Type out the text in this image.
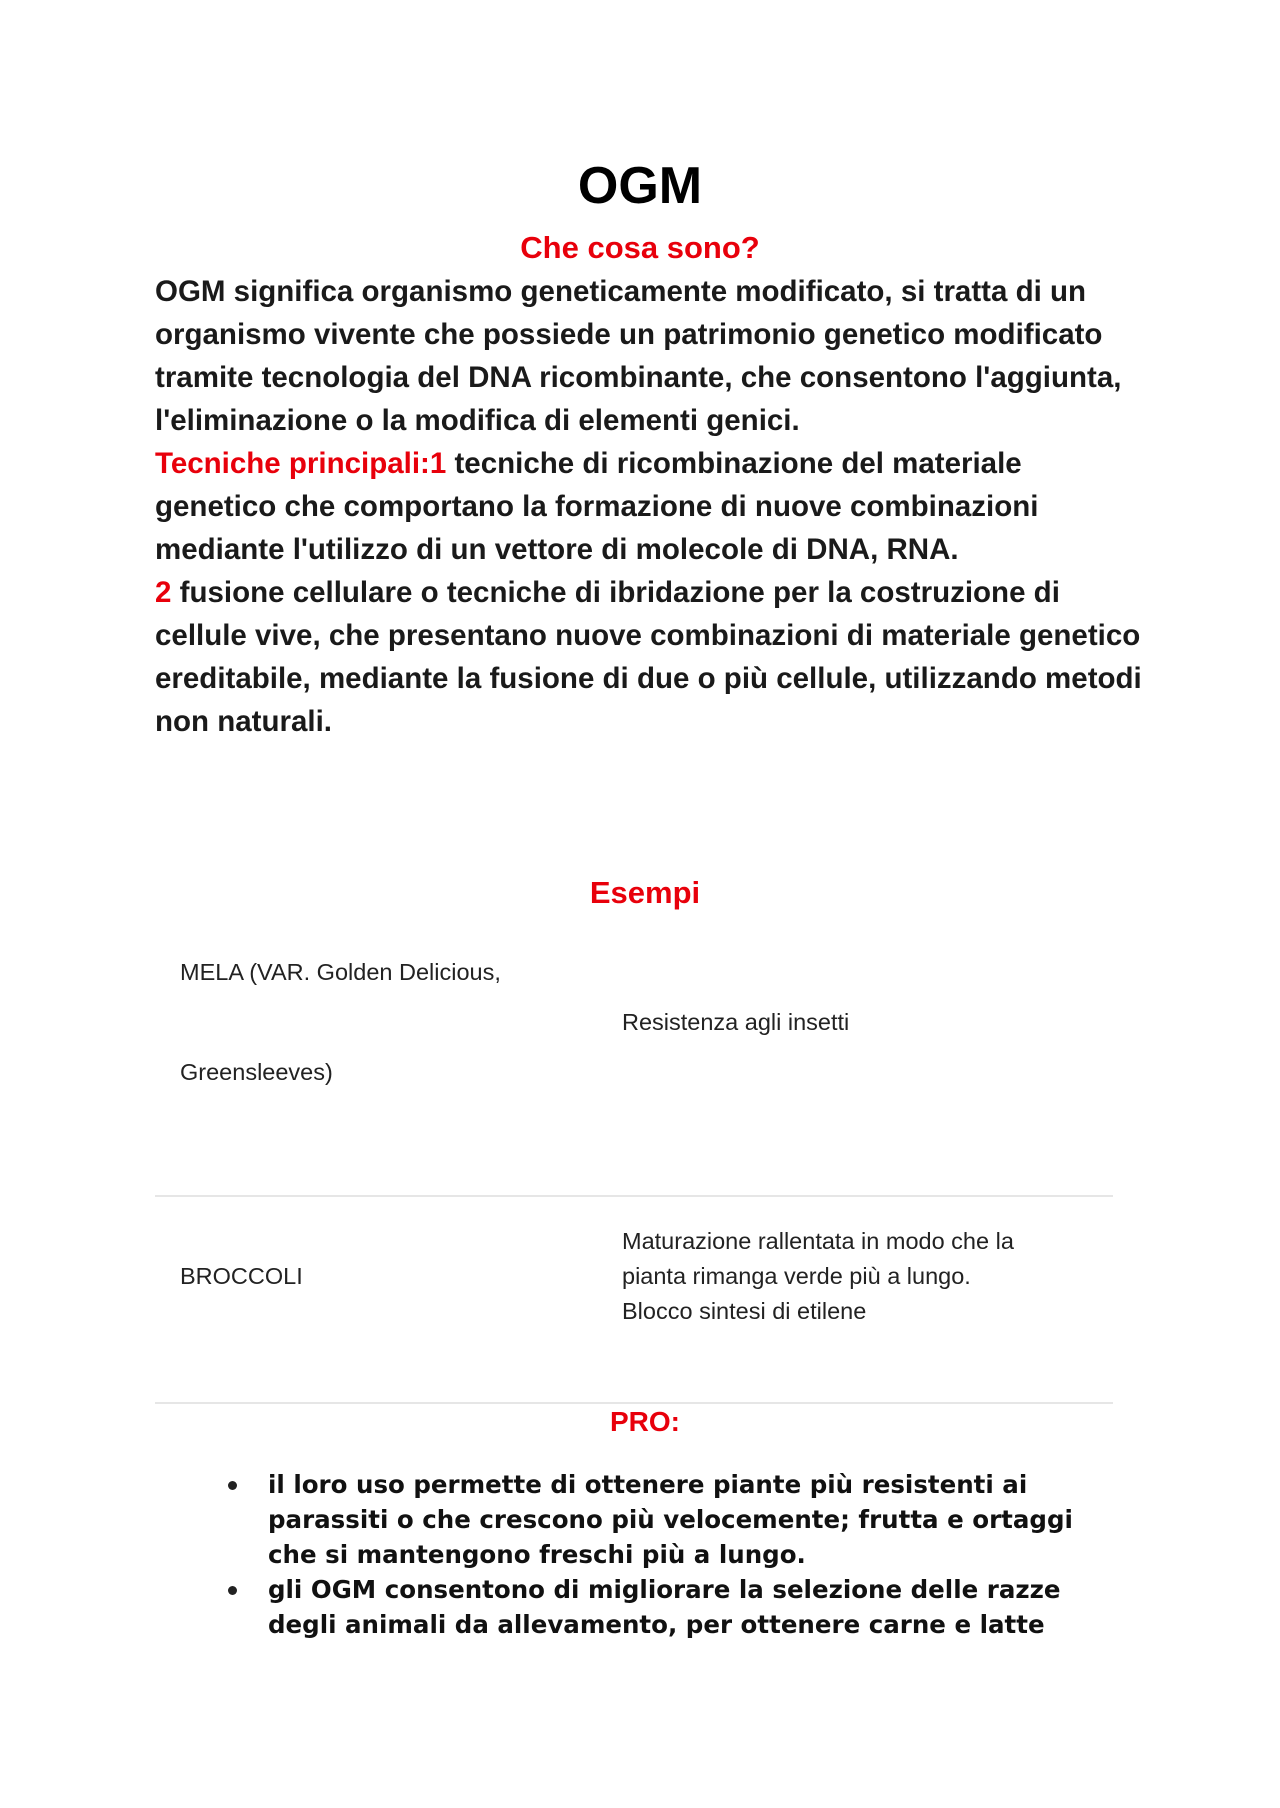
OGM
Che cosa sono?

OGM significa organismo geneticamente modificato, si tratta di un organismo vivente che possiede un patrimonio genetico modificato tramite tecnologia del DNA ricombinante, che consentono l'aggiunta, l'eliminazione o la modifica di elementi genici.

Tecniche principali:1 tecniche di ricombinazione del materiale genetico che comportano la formazione di nuove combinazioni mediante l'utilizzo di un vettore di molecole di DNA, RNA.

2 fusione cellulare o tecniche di ibridazione per la costruzione di cellule vive, che presentano nuove combinazioni di materiale genetico ereditabile, mediante la fusione di due o più cellule, utilizzando metodi non naturali.

Esempi
MELA (VAR. Golden Delicious,
Greensleeves)
Resistenza agli insetti
BROCCOLI
Maturazione rallentata in modo che la
pianta rimanga verde più a lungo.
Blocco sintesi di etilene
PRO:
il loro uso permette di ottenere piante più resistenti ai
parassiti o che crescono più velocemente; frutta e ortaggi
che si mantengono freschi più a lungo.
gli OGM consentono di migliorare la selezione delle razze
degli animali da allevamento, per ottenere carne e latte
